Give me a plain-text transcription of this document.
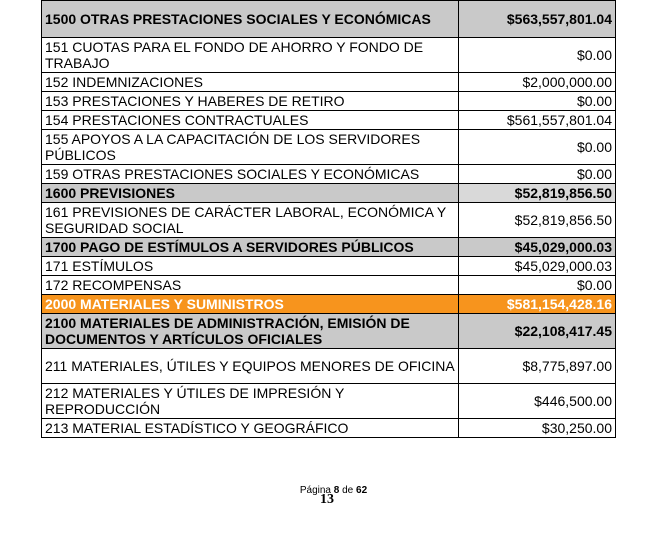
1500 OTRAS PRESTACIONES SOCIALES Y ECONÓMICAS	$563,557,801.04
151 CUOTAS PARA EL FONDO DE AHORRO Y FONDO DE TRABAJO	$0.00
152 INDEMNIZACIONES	$2,000,000.00
153 PRESTACIONES Y HABERES DE RETIRO	$0.00
154 PRESTACIONES CONTRACTUALES	$561,557,801.04
155 APOYOS A LA CAPACITACIÓN DE LOS SERVIDORES PÚBLICOS	$0.00
159 OTRAS PRESTACIONES SOCIALES Y ECONÓMICAS	$0.00
1600 PREVISIONES	$52,819,856.50
161 PREVISIONES DE CARÁCTER LABORAL, ECONÓMICA Y SEGURIDAD SOCIAL	$52,819,856.50
1700 PAGO DE ESTÍMULOS A SERVIDORES PÚBLICOS	$45,029,000.03
171 ESTÍMULOS	$45,029,000.03
172 RECOMPENSAS	$0.00
2000 MATERIALES Y SUMINISTROS	$581,154,428.16
2100 MATERIALES DE ADMINISTRACIÓN, EMISIÓN DE DOCUMENTOS Y ARTÍCULOS OFICIALES	$22,108,417.45
211 MATERIALES, ÚTILES Y EQUIPOS MENORES DE OFICINA	$8,775,897.00
212 MATERIALES Y ÚTILES DE IMPRESIÓN Y REPRODUCCIÓN	$446,500.00
213 MATERIAL ESTADÍSTICO Y GEOGRÁFICO	$30,250.00
Página 8 de 62
13
